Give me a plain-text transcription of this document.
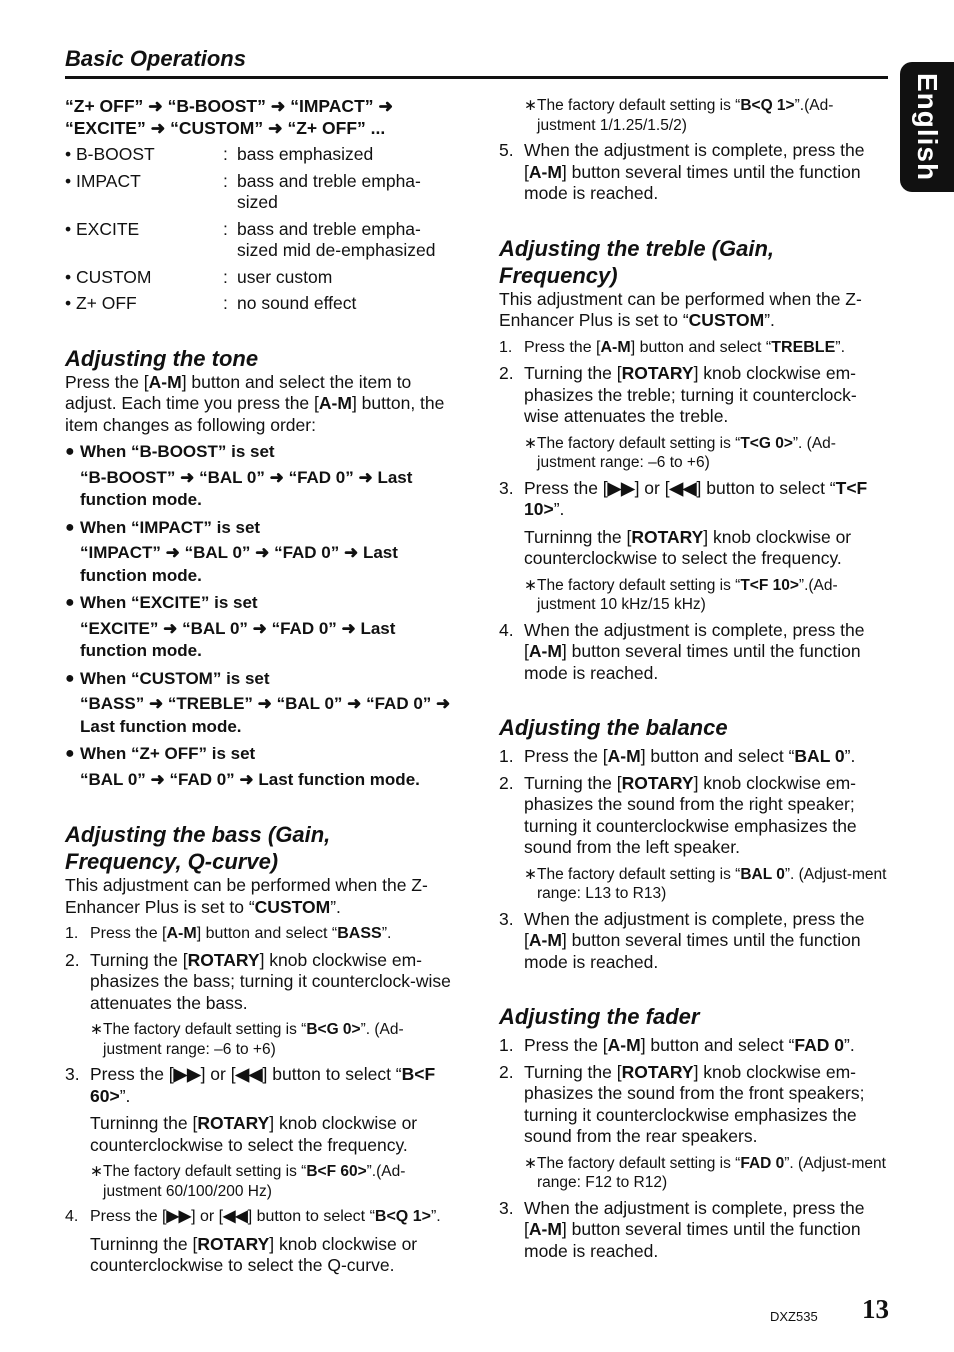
Basic Operations
English
“Z+ OFF” ➜ “B-BOOST” ➜ “IMPACT” ➜
“EXCITE” ➜ “CUSTOM” ➜ “Z+ OFF” ...
• B-BOOST	: bass emphasized
• IMPACT	: bass and treble empha-sized
• EXCITE	: bass and treble empha-sized mid de-emphasized
• CUSTOM	: user custom
• Z+ OFF	: no sound effect
Adjusting the tone
Press the [A-M] button and select the item to adjust. Each time you press the [A-M] button, the item changes as following order:
● When “B-BOOST” is set
“B-BOOST” ➜ “BAL 0” ➜ “FAD 0” ➜ Last function mode.
● When “IMPACT” is set
“IMPACT” ➜ “BAL 0” ➜ “FAD 0” ➜ Last function mode.
● When “EXCITE” is set
“EXCITE” ➜ “BAL 0” ➜ “FAD 0” ➜ Last function mode.
● When “CUSTOM” is set
“BASS” ➜ “TREBLE” ➜ “BAL 0” ➜ “FAD 0” ➜ Last function mode.
● When “Z+ OFF” is set
“BAL 0” ➜ “FAD 0” ➜ Last function mode.
Adjusting the bass (Gain,
Frequency, Q-curve)
This adjustment can be performed when the Z-Enhancer Plus is set to “CUSTOM”.
1. Press the [A-M] button and select “BASS”.
2. Turning the [ROTARY] knob clockwise em-phasizes the bass; turning it counterclock-wise attenuates the bass.
∗ The factory default setting is “B<G 0>”. (Ad-justment range: –6 to +6)
3. Press the [▶▶] or [◀◀] button to select “B<F 60>”.
Turninng the [ROTARY] knob clockwise or counterclockwise to select the frequency.
∗ The factory default setting is “B<F 60>”.(Ad-justment 60/100/200 Hz)
4. Press the [▶▶] or [◀◀] button to select “B<Q 1>”.
Turninng the [ROTARY] knob clockwise or counterclockwise to select the Q-curve.
∗ The factory default setting is “B<Q 1>”.(Ad-justment 1/1.25/1.5/2)
5. When the adjustment is complete, press the [A-M] button several times until the function mode is reached.
Adjusting the treble (Gain,
Frequency)
This adjustment can be performed when the Z-Enhancer Plus is set to “CUSTOM”.
1. Press the [A-M] button and select “TREBLE”.
2. Turning the [ROTARY] knob clockwise em-phasizes the treble; turning it counterclock-wise attenuates the treble.
∗ The factory default setting is “T<G 0>”. (Ad-justment range: –6 to +6)
3. Press the [▶▶] or [◀◀] button to select “T<F 10>”.
Turninng the [ROTARY] knob clockwise or counterclockwise to select the frequency.
∗ The factory default setting is “T<F 10>”.(Ad-justment 10 kHz/15 kHz)
4. When the adjustment is complete, press the [A-M] button several times until the function mode is reached.
Adjusting the balance
1. Press the [A-M] button and select “BAL 0”.
2. Turning the [ROTARY] knob clockwise em-phasizes the sound from the right speaker; turning it counterclockwise emphasizes the sound from the left speaker.
∗ The factory default setting is “BAL 0”. (Adjust-ment range: L13 to R13)
3. When the adjustment is complete, press the [A-M] button several times until the function mode is reached.
Adjusting the fader
1. Press the [A-M] button and select “FAD 0”.
2. Turning the [ROTARY] knob clockwise em-phasizes the sound from the front speakers; turning it counterclockwise emphasizes the sound from the rear speakers.
∗ The factory default setting is “FAD 0”. (Adjust-ment range: F12 to R12)
3. When the adjustment is complete, press the [A-M] button several times until the function mode is reached.
DXZ535 13
